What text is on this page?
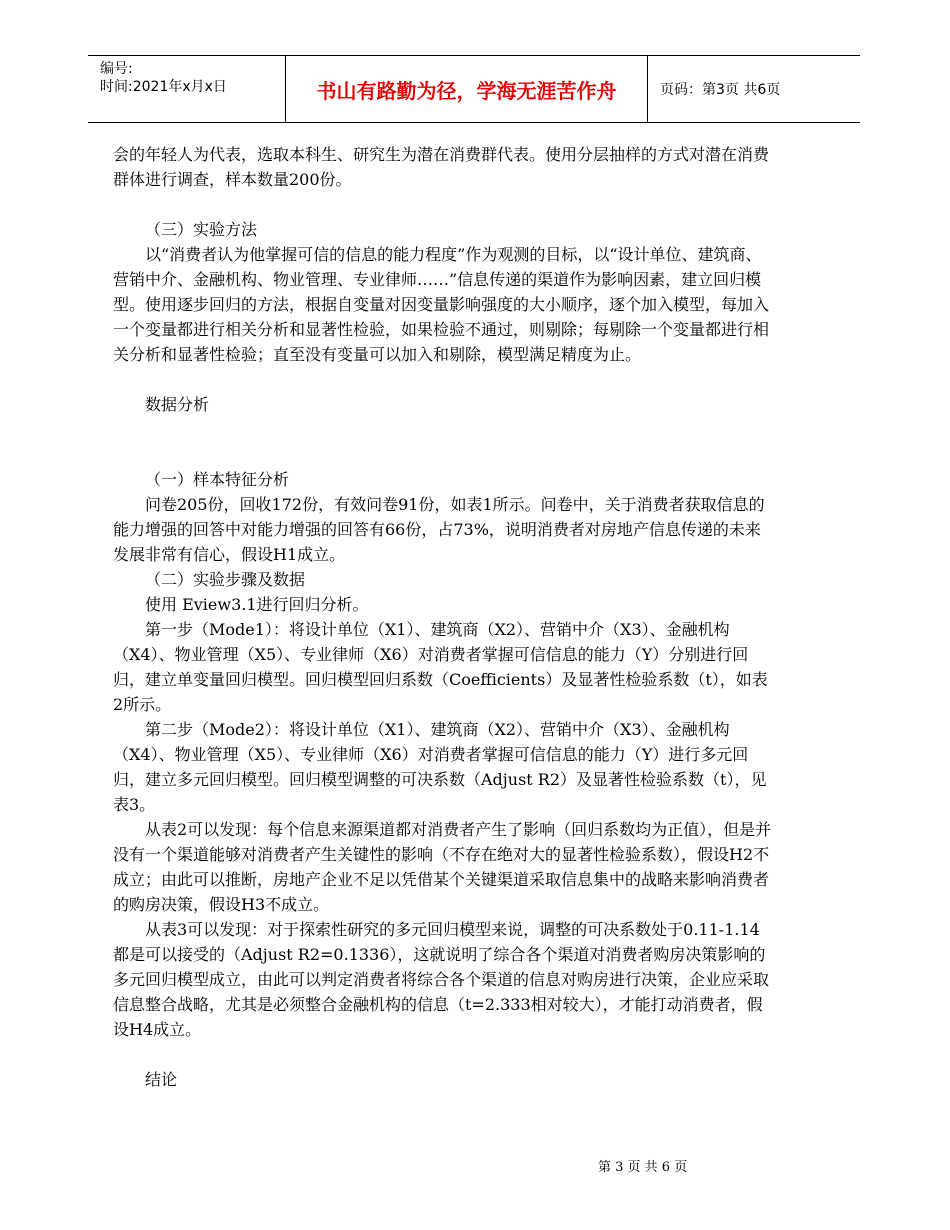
编号:
时间:2021年x月x日	书山有路勤为径，学海无涯苦作舟	页码：第3页 共6页

会的年轻人为代表，选取本科生、研究生为潜在消费群代表。使用分层抽样的方式对潜在消费群体进行调查，样本数量200份。

（三）实验方法

以“消费者认为他掌握可信的信息的能力程度”作为观测的目标，以“设计单位、建筑商、营销中介、金融机构、物业管理、专业律师……”信息传递的渠道作为影响因素，建立回归模型。使用逐步回归的方法，根据自变量对因变量影响强度的大小顺序，逐个加入模型，每加入一个变量都进行相关分析和显著性检验，如果检验不通过，则剔除；每剔除一个变量都进行相关分析和显著性检验；直至没有变量可以加入和剔除，模型满足精度为止。

数据分析

（一）样本特征分析

问卷205份，回收172份，有效问卷91份，如表1所示。问卷中，关于消费者获取信息的能力增强的回答中对能力增强的回答有66份，占73%，说明消费者对房地产信息传递的未来发展非常有信心，假设H1成立。

（二）实验步骤及数据

使用 Eview3.1进行回归分析。

第一步（Mode1）：将设计单位（X1）、建筑商（X2）、营销中介（X3）、金融机构（X4）、物业管理（X5）、专业律师（X6）对消费者掌握可信信息的能力（Y）分别进行回归，建立单变量回归模型。回归模型回归系数（Coefficients）及显著性检验系数（t），如表2所示。

第二步（Mode2）：将设计单位（X1）、建筑商（X2）、营销中介（X3）、金融机构（X4）、物业管理（X5）、专业律师（X6）对消费者掌握可信信息的能力（Y）进行多元回归，建立多元回归模型。回归模型调整的可决系数（Adjust R2）及显著性检验系数（t），见表3。

从表2可以发现：每个信息来源渠道都对消费者产生了影响（回归系数均为正值），但是并没有一个渠道能够对消费者产生关键性的影响（不存在绝对大的显著性检验系数），假设H2不成立；由此可以推断，房地产企业不足以凭借某个关键渠道采取信息集中的战略来影响消费者的购房决策，假设H3不成立。

从表3可以发现：对于探索性研究的多元回归模型来说，调整的可决系数处于0.11-1.14都是可以接受的（Adjust R2=0.1336），这就说明了综合各个渠道对消费者购房决策影响的多元回归模型成立，由此可以判定消费者将综合各个渠道的信息对购房进行决策，企业应采取信息整合战略，尤其是必须整合金融机构的信息（t=2.333相对较大），才能打动消费者，假设H4成立。

结论

第 3 页 共 6 页
